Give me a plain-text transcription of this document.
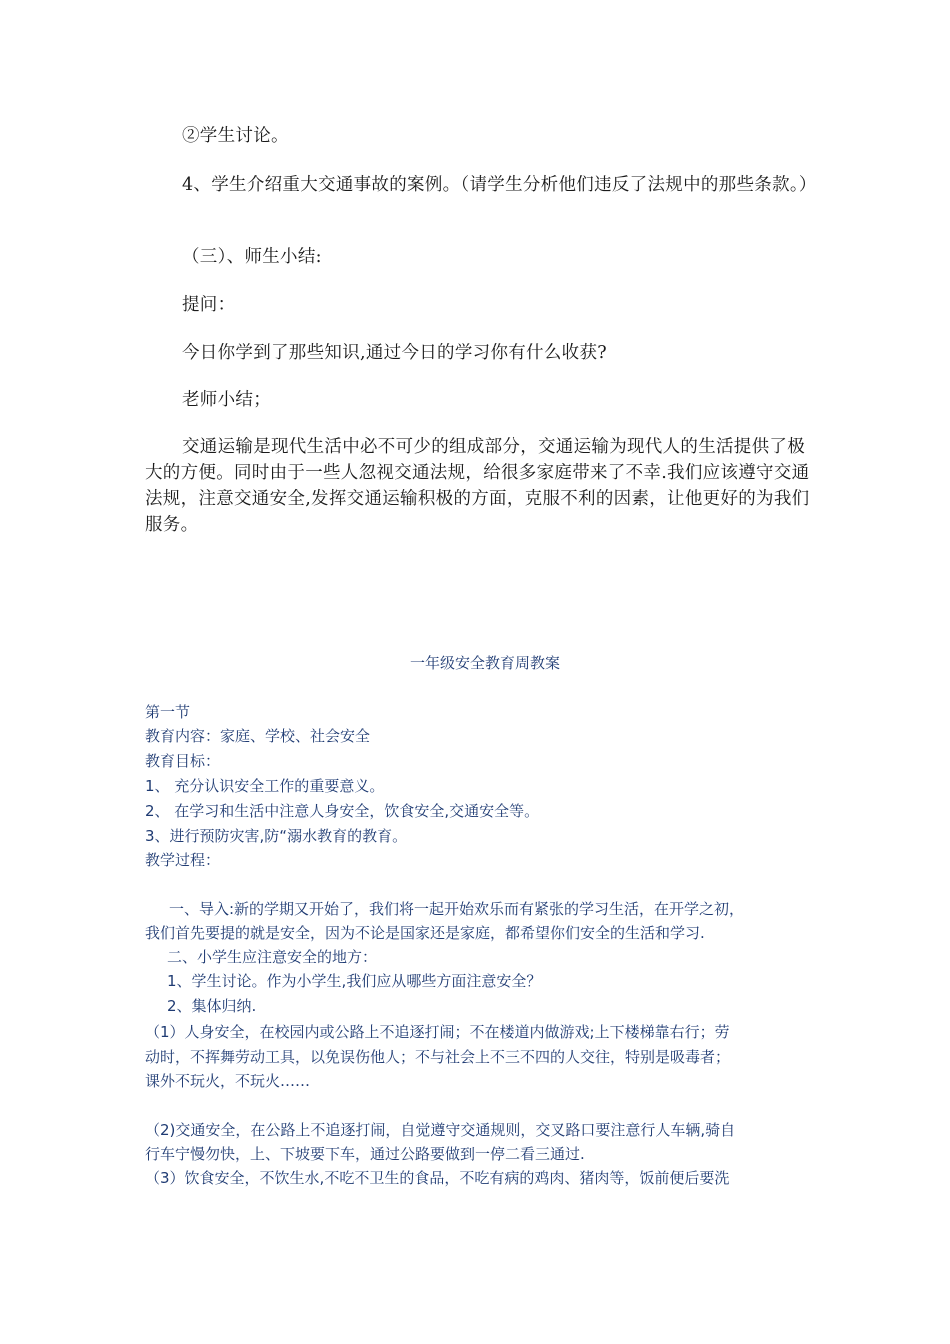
②学生讨论。
4、学生介绍重大交通事故的案例。（请学生分析他们违反了法规中的那些条款。）
（三）、师生小结:
提问：
今日你学到了那些知识,通过今日的学习你有什么收获?
老师小结；
交通运输是现代生活中必不可少的组成部分，交通运输为现代人的生活提供了极大的方便。同时由于一些人忽视交通法规，给很多家庭带来了不幸.我们应该遵守交通法规，注意交通安全,发挥交通运输积极的方面，克服不利的因素，让他更好的为我们服务。
一年级安全教育周教案
第一节
教育内容：家庭、学校、社会安全
教育目标：
1、 充分认识安全工作的重要意义。
2、 在学习和生活中注意人身安全，饮食安全,交通安全等。
3、进行预防灾害,防“溺水教育的教育。
教学过程：
一、导入:新的学期又开始了，我们将一起开始欢乐而有紧张的学习生活，在开学之初，
我们首先要提的就是安全，因为不论是国家还是家庭，都希望你们安全的生活和学习.
二、小学生应注意安全的地方：
1、学生讨论。作为小学生,我们应从哪些方面注意安全？
2、集体归纳.
（1）人身安全，在校园内或公路上不追逐打闹；不在楼道内做游戏;上下楼梯靠右行；劳
动时，不挥舞劳动工具，以免误伤他人；不与社会上不三不四的人交往，特别是吸毒者；
课外不玩火，不玩火……
（2)交通安全，在公路上不追逐打闹，自觉遵守交通规则，交叉路口要注意行人车辆,骑自
行车宁慢勿快，上、下坡要下车，通过公路要做到一停二看三通过.
（3）饮食安全，不饮生水,不吃不卫生的食品，不吃有病的鸡肉、猪肉等，饭前便后要洗
